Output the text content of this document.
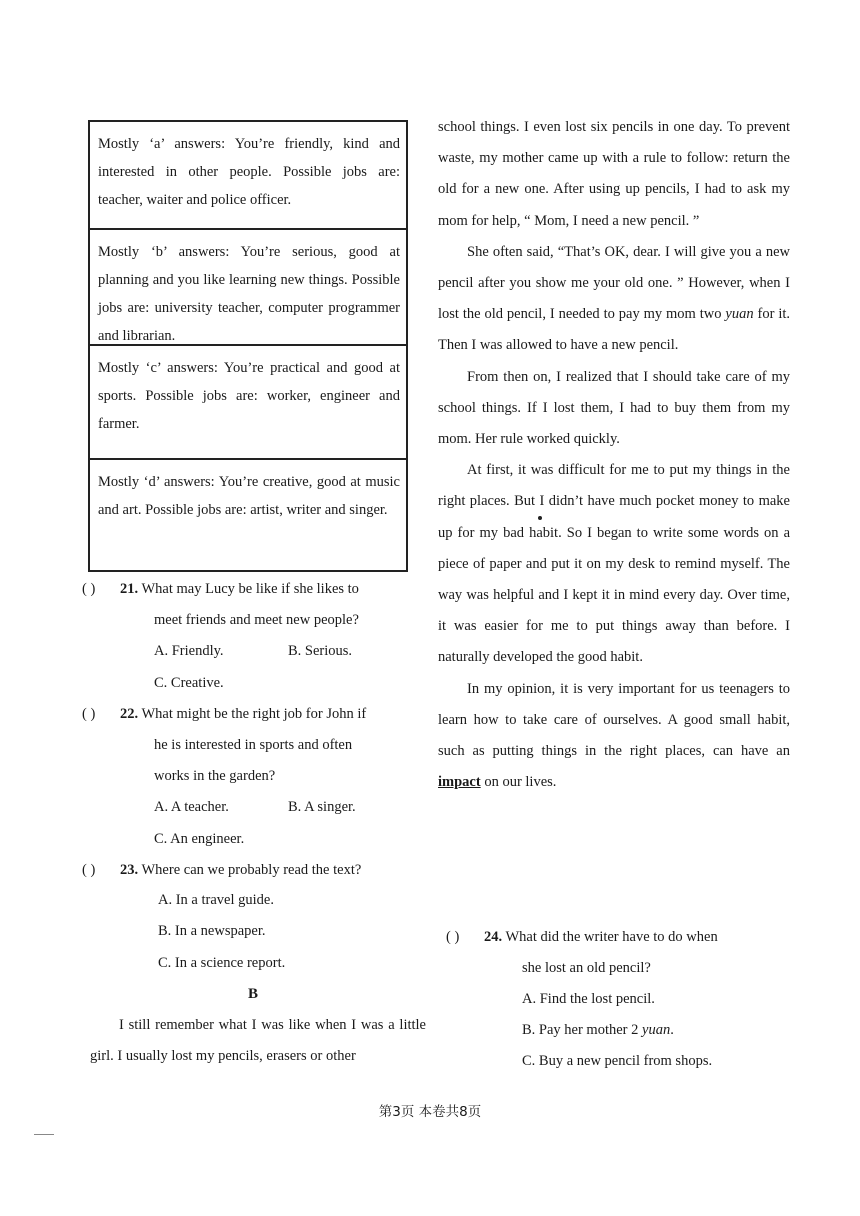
Mostly ‘a’ answers: You’re friendly, kind and interested in other people. Possible jobs are: teacher, waiter and police officer.
Mostly ‘b’ answers: You’re serious, good at planning and you like learning new things. Possible jobs are: university teacher, computer programmer and librarian.
Mostly ‘c’ answers: You’re practical and good at sports. Possible jobs are: worker, engineer and farmer.
Mostly ‘d’ answers: You’re creative, good at music and art. Possible jobs are: artist, writer and singer.
( ) 21. What may Lucy be like if she likes to
meet friends and meet new people?
A. Friendly.	B. Serious.
C. Creative.
( ) 22. What might be the right job for John if
he is interested in sports and often
works in the garden?
A. A teacher.	B. A singer.
C. An engineer.
( ) 23. Where can we probably read the text?
A. In a travel guide.
B. In a newspaper.
C. In a science report.
B

I still remember what I was like when I was a little girl. I usually lost my pencils, erasers or other

school things. I even lost six pencils in one day. To prevent waste, my mother came up with a rule to follow: return the old for a new one. After using up pencils, I had to ask my mom for help, “ Mom, I need a new pencil. ”

She often said, “That’s OK, dear. I will give you a new pencil after you show me your old one. ” However, when I lost the old pencil, I needed to pay my mom two yuan for it. Then I was allowed to have a new pencil.

From then on, I realized that I should take care of my school things. If I lost them, I had to buy them from my mom. Her rule worked quickly.

At first, it was difficult for me to put my things in the right places. But I didn’t have much pocket money to make up for my bad habit. So I began to write some words on a piece of paper and put it on my desk to remind myself. The way was helpful and I kept it in mind every day. Over time, it was easier for me to put things away than before. I naturally developed the good habit.

In my opinion, it is very important for us teenagers to learn how to take care of ourselves. A good small habit, such as putting things in the right places, can have an impact on our lives.

( ) 24. What did the writer have to do when
she lost an old pencil?
A. Find the lost pencil.
B. Pay her mother 2 yuan.
C. Buy a new pencil from shops.
第3页 本卷共8页
